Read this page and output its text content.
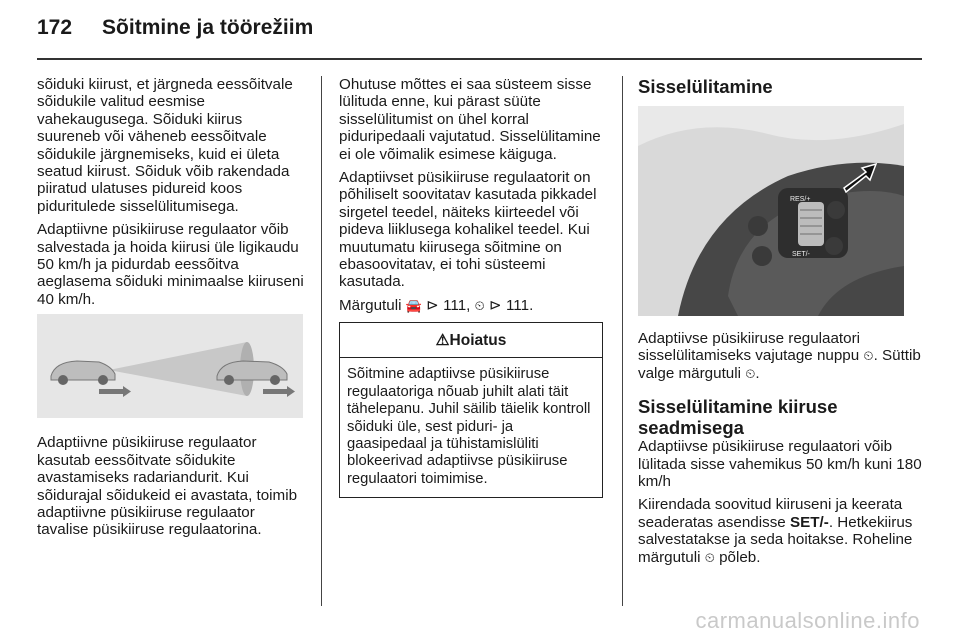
172 Sõitmine ja töörežiim

sõiduki kiirust, et järgneda eessõitvale sõidukile valitud eesmise vahekaugusega. Sõiduki kiirus suureneb või väheneb eessõitvale sõidukile järgnemiseks, kuid ei ületa seatud kiirust. Sõiduk võib rakendada piiratud ulatuses pidureid koos piduritulede sisselülitumisega.

Adaptiivne püsikiiruse regulaator võib salvestada ja hoida kiirusi üle ligikaudu 50 km/h ja pidurdab eessõitva aeglasema sõiduki minimaalse kiiruseni 40 km/h.

Adaptiivne püsikiiruse regulaator kasutab eessõitvate sõidukite avastamiseks radariandurit. Kui sõidurajal sõidukeid ei avastata, toimib adaptiivne püsikiiruse regulaator tavalise püsikiiruse regulaatorina.

Ohutuse mõttes ei saa süsteem sisse lülituda enne, kui pärast süüte sisselülitumist on ühel korral piduripedaali vajutatud. Sisselülitamine ei ole võimalik esimese käiguga.

Adaptiivset püsikiiruse regulaatorit on põhiliselt soovitatav kasutada pikkadel sirgetel teedel, näiteks kiirteedel või pideva liiklusega kohalikel teedel. Kui muutumatu kiirusega sõitmine on ebasoovitatav, ei tohi süsteemi kasutada.

Märgutuli 🚘 ⊳ 111, ⏲ ⊳ 111.

⚠ Hoiatus
Sõitmine adaptiivse püsikiiruse regulaatoriga nõuab juhilt alati täit tähelepanu. Juhil säilib täielik kontroll sõiduki üle, sest piduri- ja gaasipedaal ja tühistamislüliti blokeerivad adaptiivse püsikiiruse regulaatori toimimise.
Sisselülitamine
RES/+
SET/-

Adaptiivse püsikiiruse regulaatori sisselülitamiseks vajutage nuppu ⏲. Süttib valge märgutuli ⏲.

Sisselülitamine kiiruse seadmisega

Adaptiivse püsikiiruse regulaatori võib lülitada sisse vahemikus 50 km/h kuni 180 km/h

Kiirendada soovitud kiiruseni ja keerata seaderatas asendisse SET/-. Hetkekiirus salvestatakse ja seda hoitakse. Roheline märgutuli ⏲ põleb.

carmanualsonline.info
